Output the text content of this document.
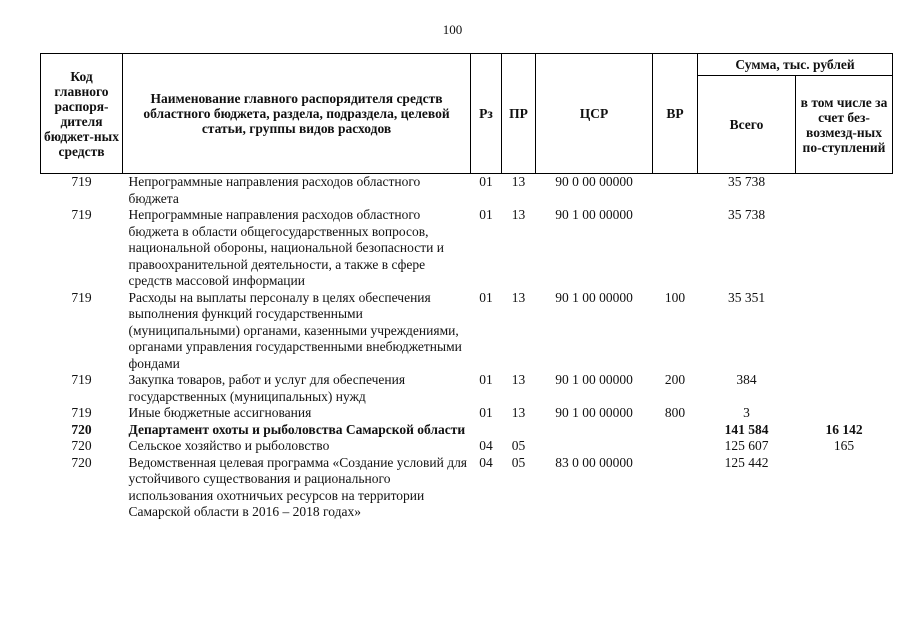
100
Код главного распоря-дителя бюджет-ных средств	Наименование главного распорядителя средств областного бюджета, раздела, подраздела, целевой статьи, группы видов расходов	Рз	ПР	ЦСР	ВР	Сумма, тыс. рублей	
						Всего	в том числе за счет без-возмезд-ных по-ступлений
719	Непрограммные направления расходов областного бюджета	01	13	90 0 00 00000		35 738	
719	Непрограммные направления расходов областного бюджета в области общегосударственных вопросов, национальной обороны, национальной безопасности и правоохранительной деятельности, а также в сфере средств массовой информации	01	13	90 1 00 00000		35 738	
719	Расходы на выплаты персоналу в целях обеспечения выполнения функций государственными (муниципальными) органами, казенными учреждениями, органами управления государственными внебюджетными фондами	01	13	90 1 00 00000	100	35 351	
719	Закупка товаров, работ и услуг для обеспечения государственных (муниципальных) нужд	01	13	90 1 00 00000	200	384	
719	Иные бюджетные ассигнования	01	13	90 1 00 00000	800	3	
720	Департамент охоты и рыболовства Самарской области					141 584	16 142
720	Сельское хозяйство и рыболовство	04	05			125 607	165
720	Ведомственная целевая программа «Создание условий для устойчивого существования и рационального использования охотничьих ресурсов на территории Самарской области в 2016 – 2018 годах»	04	05	83 0 00 00000		125 442	
